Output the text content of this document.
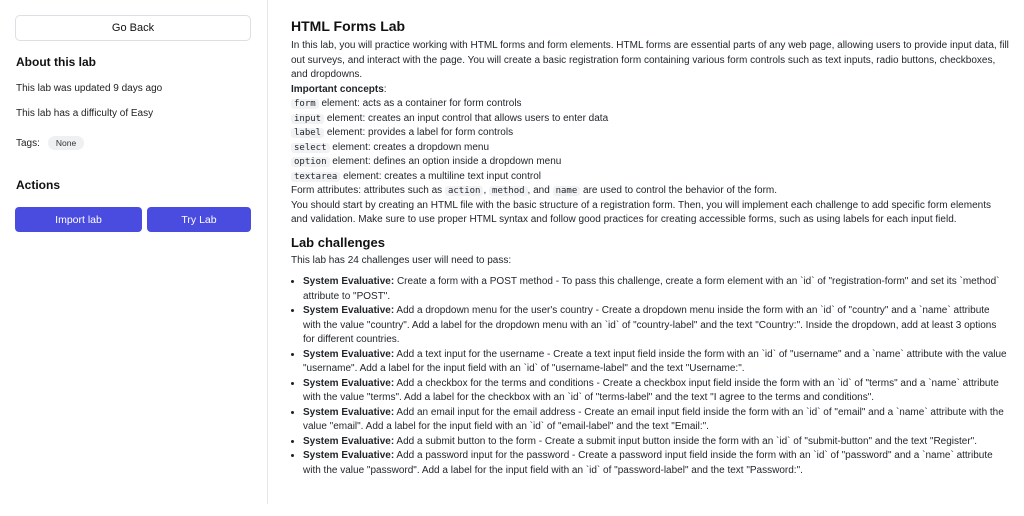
Go Back
About this lab

This lab was updated 9 days ago

This lab has a difficulty of Easy

Tags:	None
Actions
Import lab	Try Lab
HTML Forms Lab

In this lab, you will practice working with HTML forms and form elements. HTML forms are essential parts of any web page, allowing users to provide input data, fill out surveys, and interact with the page. You will create a basic registration form containing various form controls such as text inputs, radio buttons, checkboxes, and dropdowns.

Important concepts:
form element: acts as a container for form controls
input element: creates an input control that allows users to enter data
label element: provides a label for form controls
select element: creates a dropdown menu
option element: defines an option inside a dropdown menu
textarea element: creates a multiline text input control

Form attributes: attributes such as action , method , and name are used to control the behavior of the form.

You should start by creating an HTML file with the basic structure of a registration form. Then, you will implement each challenge to add specific form elements and validation. Make sure to use proper HTML syntax and follow good practices for creating accessible forms, such as using labels for each input field.

Lab challenges

This lab has 24 challenges user will need to pass:

• System Evaluative: Create a form with a POST method - To pass this challenge, create a form element with an `id` of "registration-form" and set its `method` attribute to "POST".
• System Evaluative: Add a dropdown menu for the user's country - Create a dropdown menu inside the form with an `id` of "country" and a `name` attribute with the value "country". Add a label for the dropdown menu with an `id` of "country-label" and the text "Country:". Inside the dropdown, add at least 3 options for different countries.
• System Evaluative: Add a text input for the username - Create a text input field inside the form with an `id` of "username" and a `name` attribute with the value "username". Add a label for the input field with an `id` of "username-label" and the text "Username:".
• System Evaluative: Add a checkbox for the terms and conditions - Create a checkbox input field inside the form with an `id` of "terms" and a `name` attribute with the value "terms". Add a label for the checkbox with an `id` of "terms-label" and the text "I agree to the terms and conditions".
• System Evaluative: Add an email input for the email address - Create an email input field inside the form with an `id` of "email" and a `name` attribute with the value "email". Add a label for the input field with an `id` of "email-label" and the text "Email:".
• System Evaluative: Add a submit button to the form - Create a submit input button inside the form with an `id` of "submit-button" and the text "Register".
• System Evaluative: Add a password input for the password - Create a password input field inside the form with an `id` of "password" and a `name` attribute with the value "password". Add a label for the input field with an `id` of "password-label" and the text "Password:".
